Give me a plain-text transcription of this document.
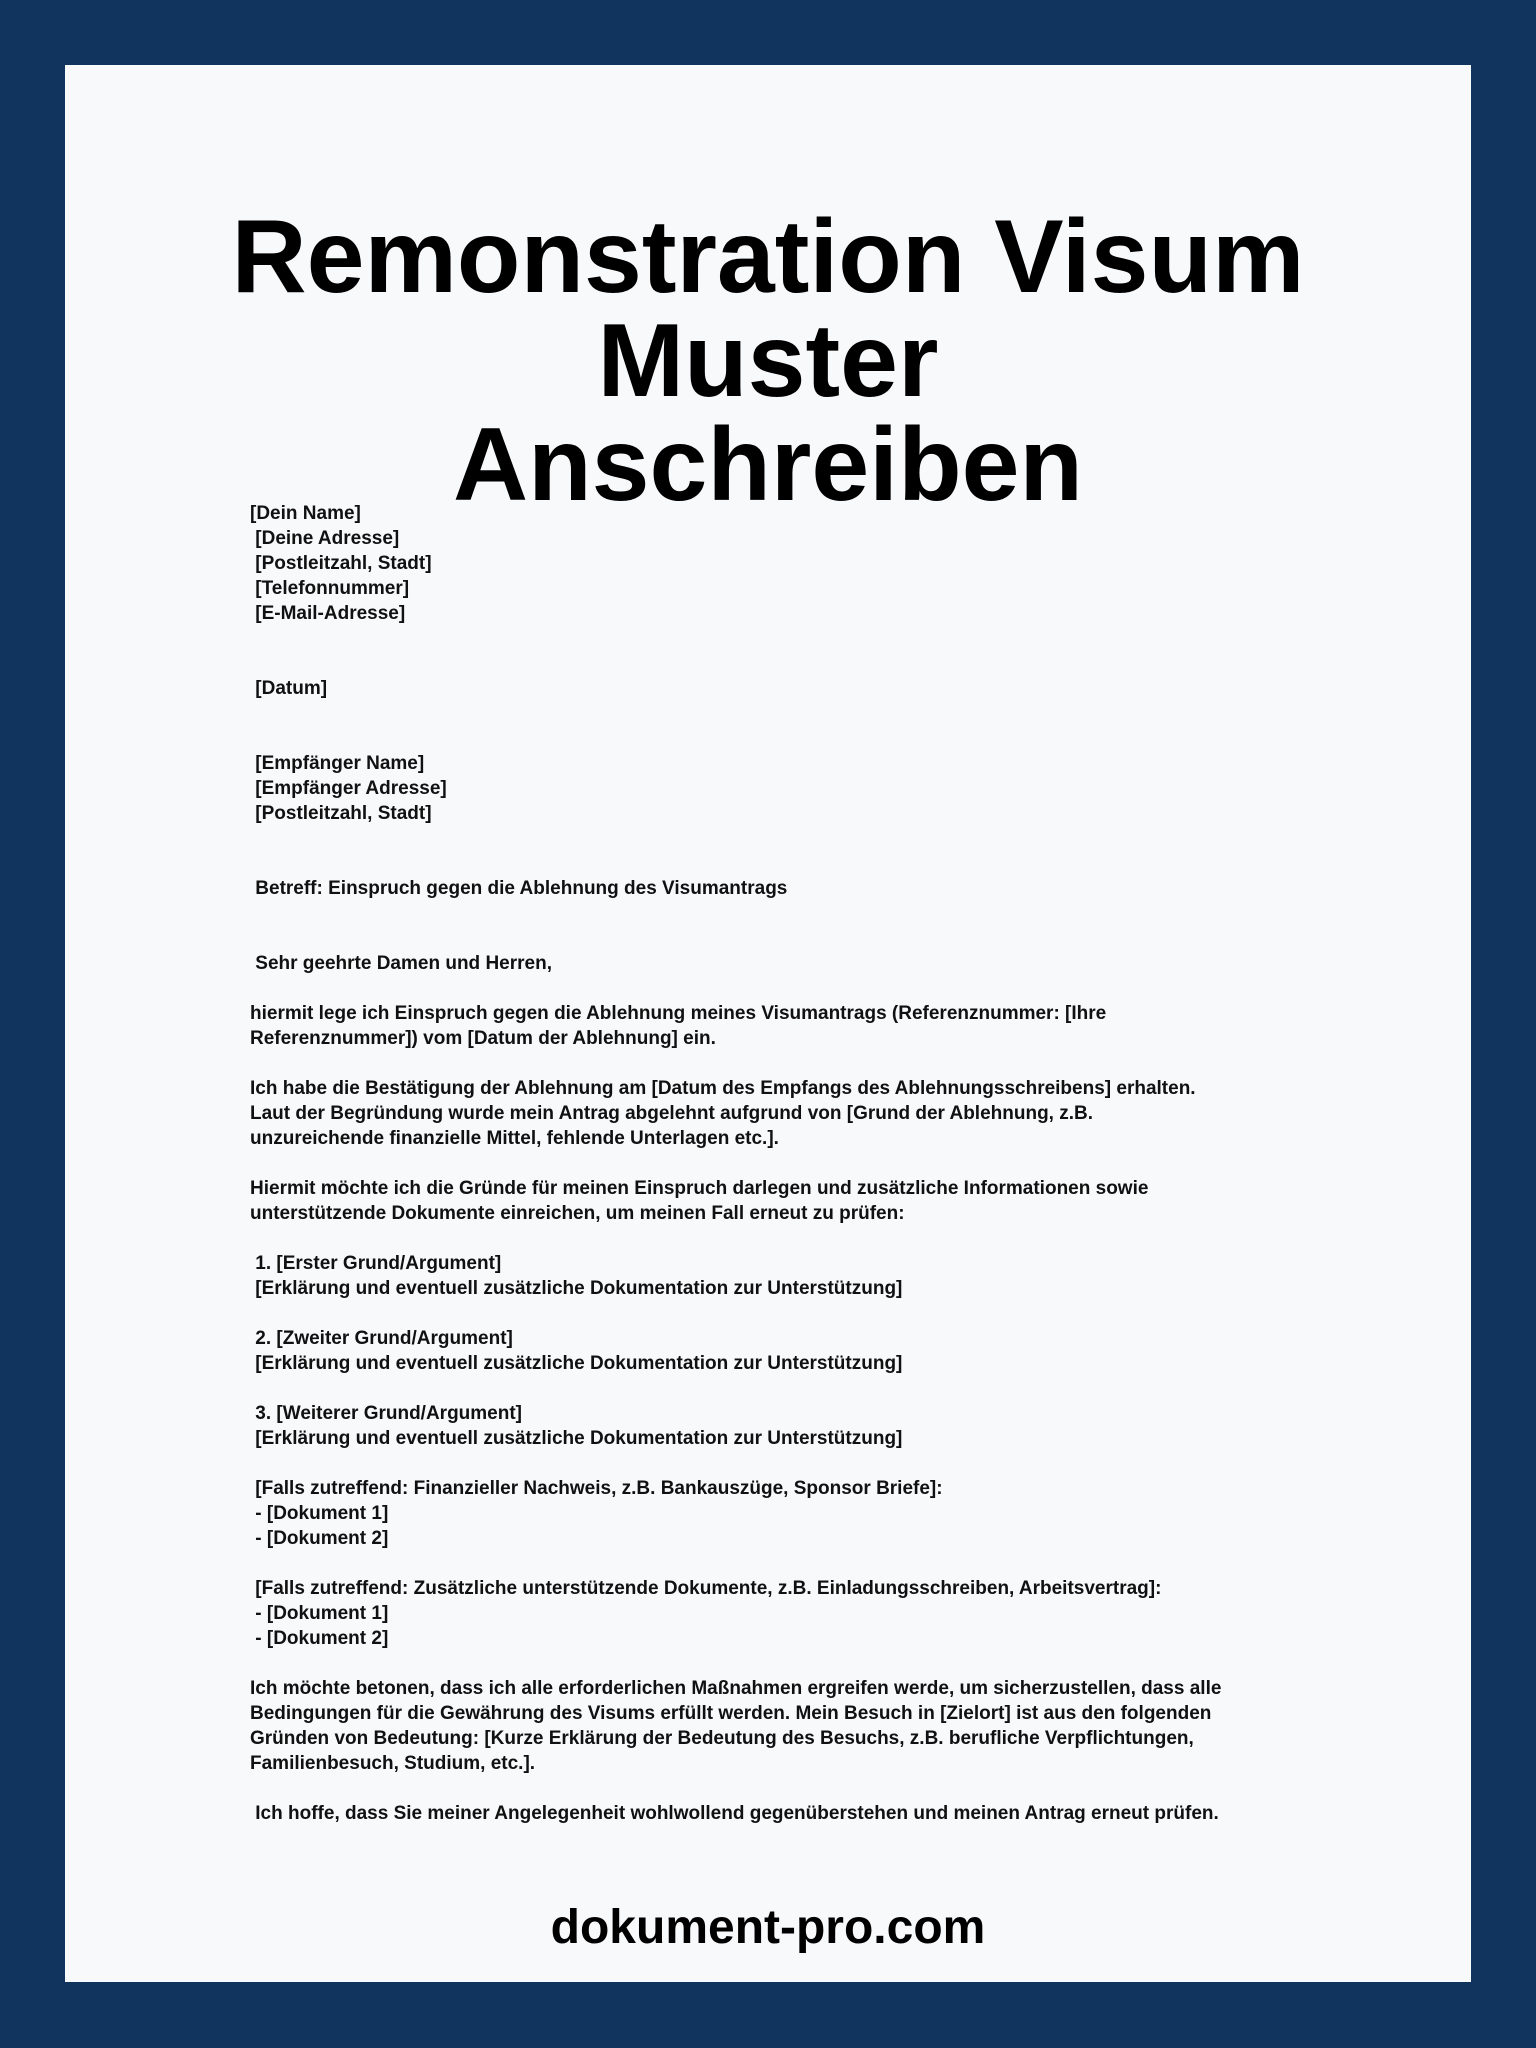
Remonstration Visum Muster
Anschreiben
[Dein Name]
[Deine Adresse]
[Postleitzahl, Stadt]
[Telefonnummer]
[E-Mail-Adresse]
[Datum]
[Empfänger Name]
[Empfänger Adresse]
[Postleitzahl, Stadt]
Betreff: Einspruch gegen die Ablehnung des Visumantrags
Sehr geehrte Damen und Herren,
hiermit lege ich Einspruch gegen die Ablehnung meines Visumantrags (Referenznummer: [Ihre
Referenznummer]) vom [Datum der Ablehnung] ein.
Ich habe die Bestätigung der Ablehnung am [Datum des Empfangs des Ablehnungsschreibens] erhalten.
Laut der Begründung wurde mein Antrag abgelehnt aufgrund von [Grund der Ablehnung, z.B.
unzureichende finanzielle Mittel, fehlende Unterlagen etc.].
Hiermit möchte ich die Gründe für meinen Einspruch darlegen und zusätzliche Informationen sowie
unterstützende Dokumente einreichen, um meinen Fall erneut zu prüfen:
1. [Erster Grund/Argument]
[Erklärung und eventuell zusätzliche Dokumentation zur Unterstützung]
2. [Zweiter Grund/Argument]
[Erklärung und eventuell zusätzliche Dokumentation zur Unterstützung]
3. [Weiterer Grund/Argument]
[Erklärung und eventuell zusätzliche Dokumentation zur Unterstützung]
[Falls zutreffend: Finanzieller Nachweis, z.B. Bankauszüge, Sponsor Briefe]:
- [Dokument 1]
- [Dokument 2]
[Falls zutreffend: Zusätzliche unterstützende Dokumente, z.B. Einladungsschreiben, Arbeitsvertrag]:
- [Dokument 1]
- [Dokument 2]
Ich möchte betonen, dass ich alle erforderlichen Maßnahmen ergreifen werde, um sicherzustellen, dass alle
Bedingungen für die Gewährung des Visums erfüllt werden. Mein Besuch in [Zielort] ist aus den folgenden
Gründen von Bedeutung: [Kurze Erklärung der Bedeutung des Besuchs, z.B. berufliche Verpflichtungen,
Familienbesuch, Studium, etc.].
Ich hoffe, dass Sie meiner Angelegenheit wohlwollend gegenüberstehen und meinen Antrag erneut prüfen.
dokument-pro.com
